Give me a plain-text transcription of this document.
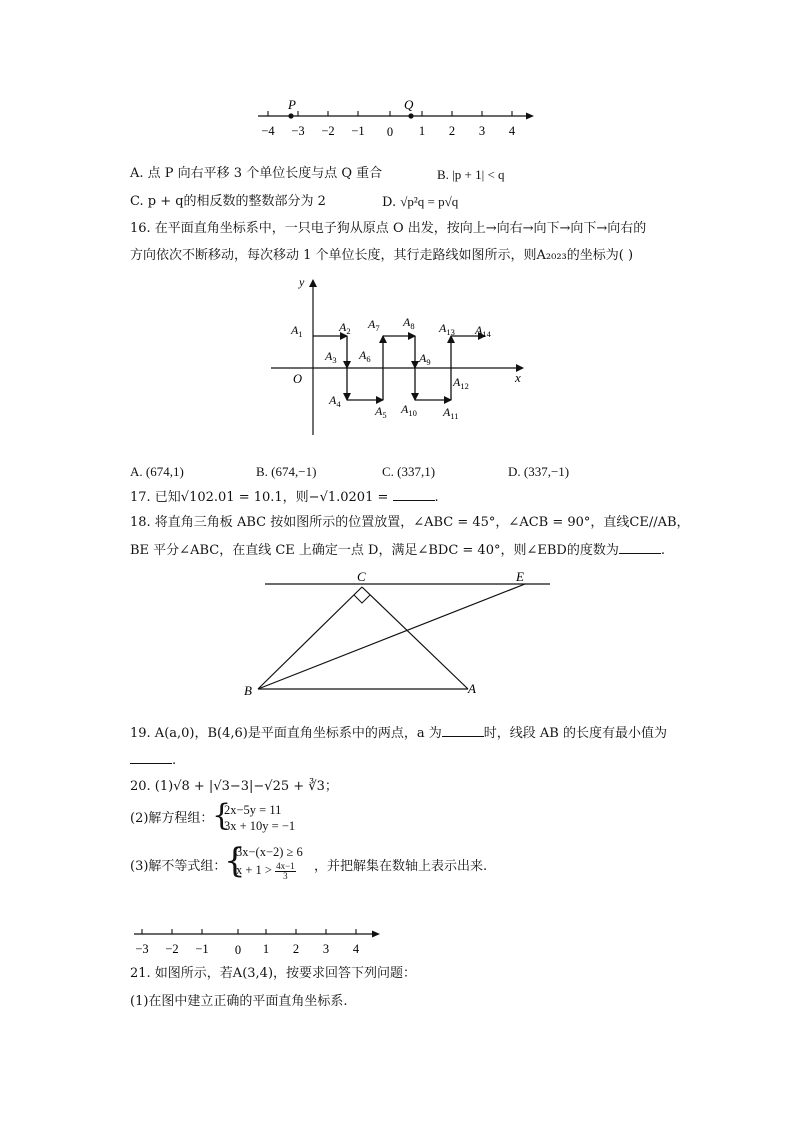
P	Q
−4 −3 −2 −1 0 1 2 3 4
A. 点 P 向右平移 3 个单位长度与点 Q 重合	B. |p + 1| < q
C. p + q的相反数的整数部分为 2	D. √p²q = p√q
16. 在平面直角坐标系中，一只电子狗从原点 O 出发，按向上→向右→向下→向下→向右的
方向依次不断移动，每次移动 1 个单位长度，其行走路线如图所示，则A₂₀₂₃的坐标为( )
y
x
O
$A_1$	$A_2$
$A_3$
$A_4$	$A_5$
$A_6$
$A_7$ $A_8$
$A_9$
$A_{10}$ $A_{11}$
$A_{12}$
$A_{13}$ $A_{14}$
A. (674,1)	B. (674,−1)	C. (337,1)	D. (337,−1)
17. 已知√102.01 = 10.1，则−√1.0201 =	.
18. 将直角三角板 ABC 按如图所示的位置放置，∠ABC = 45°，∠ACB = 90°，直线CE//AB，
BE 平分∠ABC，在直线 CE 上确定一点 D，满足∠BDC = 40°，则∠EBD的度数为	.
C	E
B	A
19. A(a,0)，B(4,6)是平面直角坐标系中的两点，a 为	时，线段 AB 的长度有最小值为
.
20. (1)√8 + |√3−3|−√25 + ∛3；
(2)解方程组：
{
2x−5y = 11
3x + 10y = −1
(3)解不等式组：
{
3x−(x−2) ≥ 6
$x + 1 > \frac{4x-1}{3}$ ，并把解集在数轴上表示出来.
−3 −2 −1 0 1 2 3 4
21. 如图所示，若A(3,4)，按要求回答下列问题：
(1)在图中建立正确的平面直角坐标系.
